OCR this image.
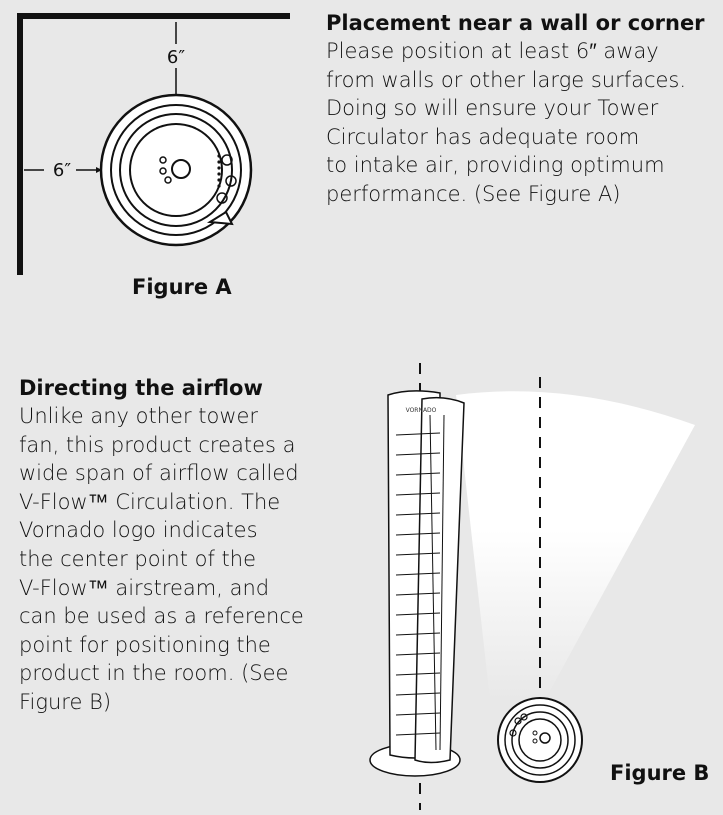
6″
6″
Figure A
Placement near a wall or corner

Please position at least 6″ away

from walls or other large surfaces.

Doing so will ensure your Tower

Circulator has adequate room

to intake air, providing optimum

performance. (See Figure A)

Directing the airflow

Unlike any other tower

fan, this product creates a

wide span of airflow called

V-Flow™ Circulation. The

Vornado logo indicates

the center point of the

V-Flow™ airstream, and

can be used as a reference

point for positioning the

product in the room. (See

Figure B)

VORNADO
Figure B
